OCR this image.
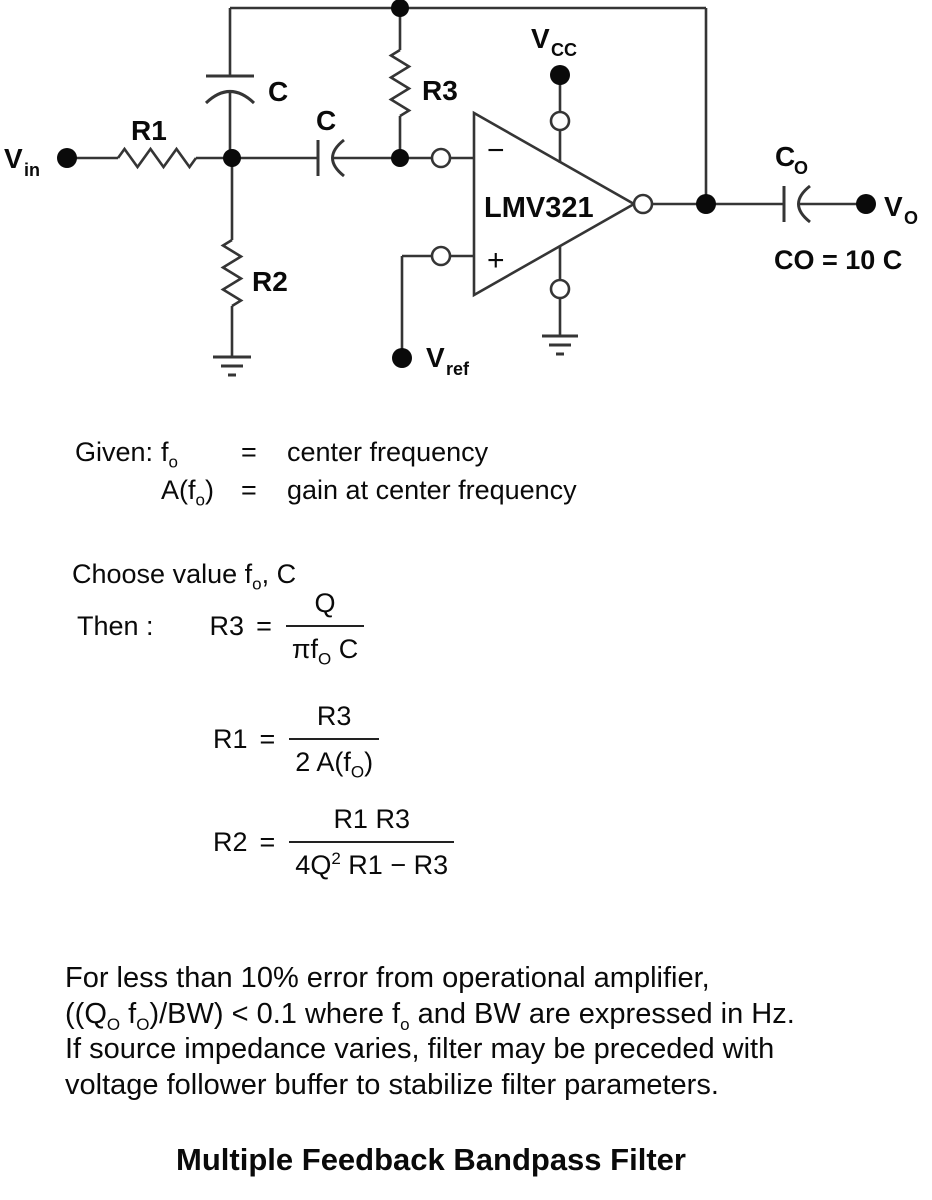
C
R1	C
R3
R2
−
+
LMV321
V CC
V ref
C
O
V O
CO = 10 C
V in
Given: $f_o$	=	center frequency
$A(f_o)$	=	gain at center frequency
Choose value $f_o$, C
Then : $R3 = \frac{Q}{\pi f_O C}$
$R1 = \frac{R3}{2 A(f_O)}$
$R2 = \frac{R1 R3}{4Q^2 R1 - R3}$
For less than 10% error from operational amplifier,
(($Q_O$ $f_O)/BW) < 0.1$ where $f_o$ and BW are expressed in Hz.
If source impedance varies, filter may be preceded with
voltage follower buffer to stabilize filter parameters.
Multiple Feedback Bandpass Filter
